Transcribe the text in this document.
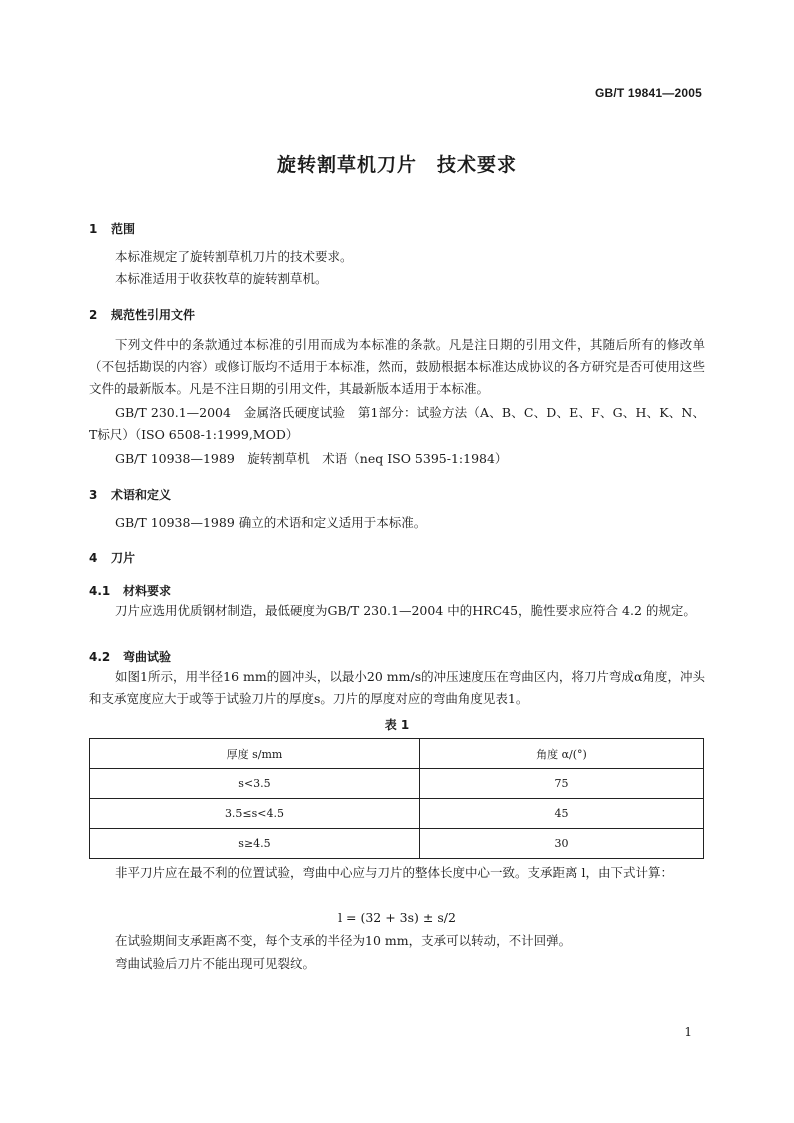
GB/T 19841—2005
旋转割草机刀片　技术要求
1 范围
本标准规定了旋转割草机刀片的技术要求。
本标准适用于收获牧草的旋转割草机。
2 规范性引用文件
下列文件中的条款通过本标准的引用而成为本标准的条款。凡是注日期的引用文件，其随后所有的修改单（不包括勘误的内容）或修订版均不适用于本标准，然而，鼓励根据本标准达成协议的各方研究是否可使用这些文件的最新版本。凡是不注日期的引用文件，其最新版本适用于本标准。
GB/T 230.1—2004　金属洛氏硬度试验　第1部分：试验方法（A、B、C、D、E、F、G、H、K、N、T标尺）（ISO 6508-1:1999,MOD）
GB/T 10938—1989　旋转割草机　术语（neq ISO 5395-1:1984）
3 术语和定义
GB/T 10938—1989 确立的术语和定义适用于本标准。
4 刀片
4.1 材料要求
刀片应选用优质钢材制造，最低硬度为GB/T 230.1—2004 中的HRC45，脆性要求应符合 4.2 的规定。
4.2 弯曲试验
如图1所示，用半径16 mm的圆冲头，以最小20 mm/s的冲压速度压在弯曲区内，将刀片弯成α角度，冲头和支承宽度应大于或等于试验刀片的厚度s。刀片的厚度对应的弯曲角度见表1。
表 1
厚度 s/mm	角度 α/(°)
s<3.5	75
3.5≤s<4.5	45
s≥4.5	30
非平刀片应在最不利的位置试验，弯曲中心应与刀片的整体长度中心一致。支承距离 l，由下式计算：
l = (32 + 3s) ± s/2
在试验期间支承距离不变，每个支承的半径为10 mm，支承可以转动，不计回弹。
弯曲试验后刀片不能出现可见裂纹。
1
